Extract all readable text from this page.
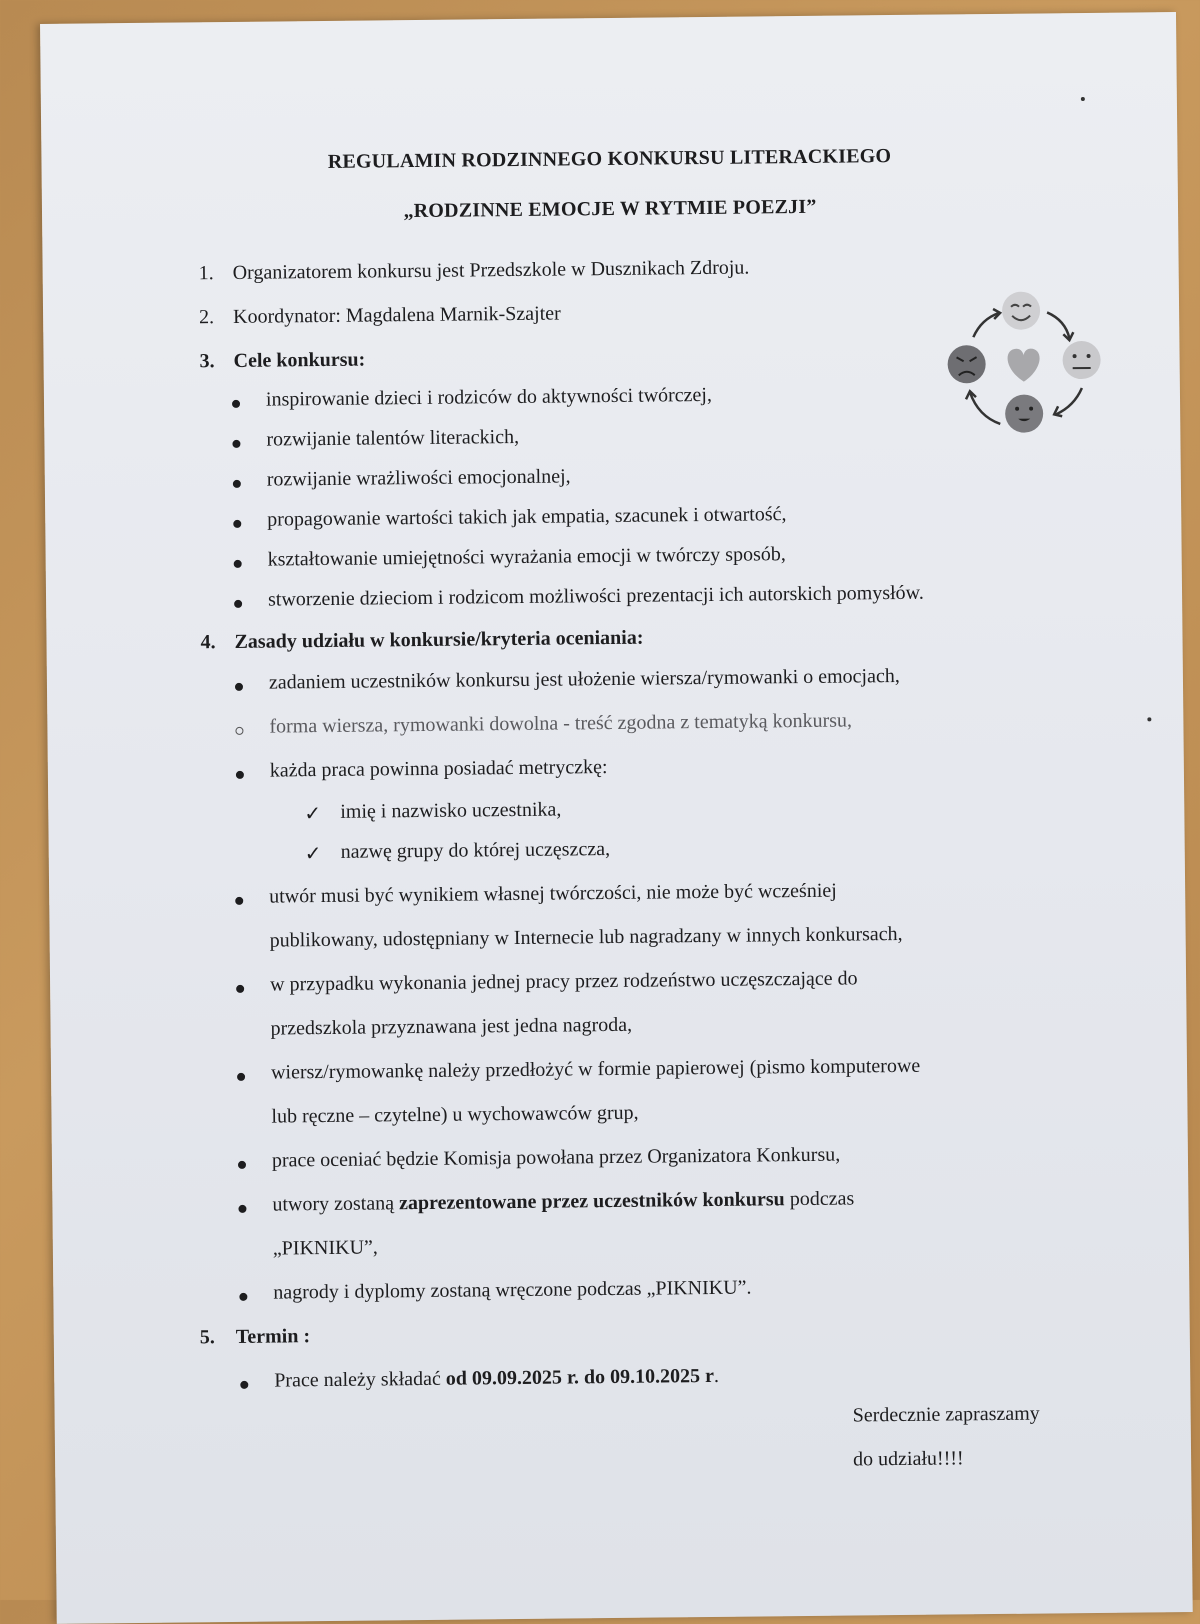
REGULAMIN RODZINNEGO KONKURSU LITERACKIEGO
„RODZINNE EMOCJE W RYTMIE POEZJI”
1. Organizatorem konkursu jest Przedszkole w Dusznikach Zdroju.
2. Koordynator: Magdalena Marnik-Szajter
3. Cele konkursu:
inspirowanie dzieci i rodziców do aktywności twórczej,
rozwijanie talentów literackich,
rozwijanie wrażliwości emocjonalnej,
propagowanie wartości takich jak empatia, szacunek i otwartość,
kształtowanie umiejętności wyrażania emocji w twórczy sposób,
stworzenie dzieciom i rodzicom możliwości prezentacji ich autorskich pomysłów.
4. Zasady udziału w konkursie/kryteria oceniania:
zadaniem uczestników konkursu jest ułożenie wiersza/rymowanki o emocjach,
forma wiersza, rymowanki dowolna - treść zgodna z tematyką konkursu,
każda praca powinna posiadać metryczkę:
✓ imię i nazwisko uczestnika,
✓ nazwę grupy do której uczęszcza,
utwór musi być wynikiem własnej twórczości, nie może być wcześniej
publikowany, udostępniany w Internecie lub nagradzany w innych konkursach,
w przypadku wykonania jednej pracy przez rodzeństwo uczęszczające do
przedszkola przyznawana jest jedna nagroda,
wiersz/rymowankę należy przedłożyć w formie papierowej (pismo komputerowe
lub ręczne – czytelne) u wychowawców grup,
prace oceniać będzie Komisja powołana przez Organizatora Konkursu,
utwory zostaną zaprezentowane przez uczestników konkursu podczas
„PIKNIKU”,
nagrody i dyplomy zostaną wręczone podczas „PIKNIKU”.
5. Termin :
Prace należy składać od 09.09.2025 r. do 09.10.2025 r.
Serdecznie zapraszamy
do udziału!!!!
